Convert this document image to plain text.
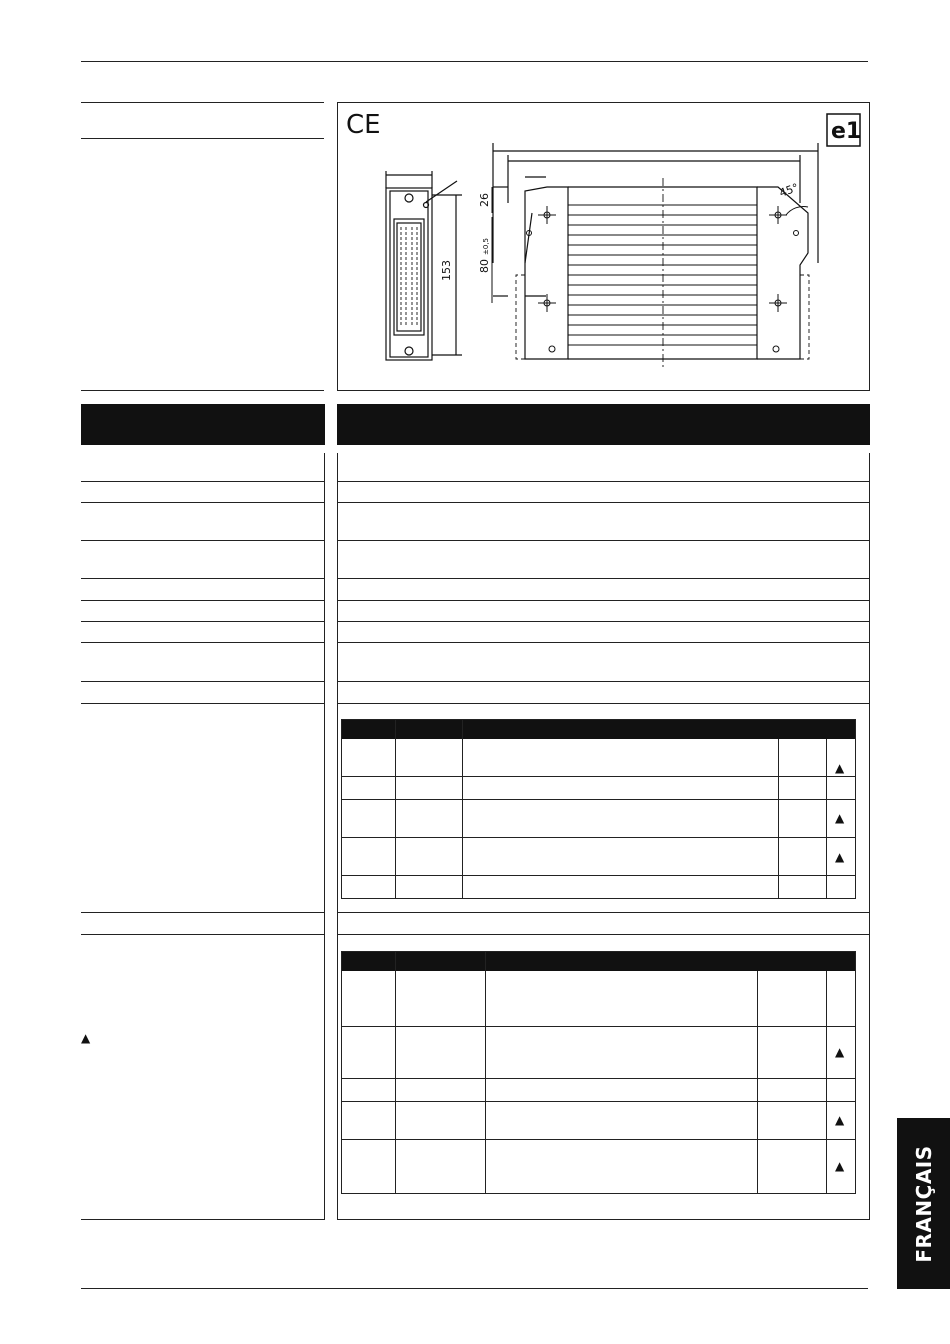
CE	e1
153
26
80
±0,5
45°
▲
▲
▲
▲
▲
▲
▲
FRANÇAIS
